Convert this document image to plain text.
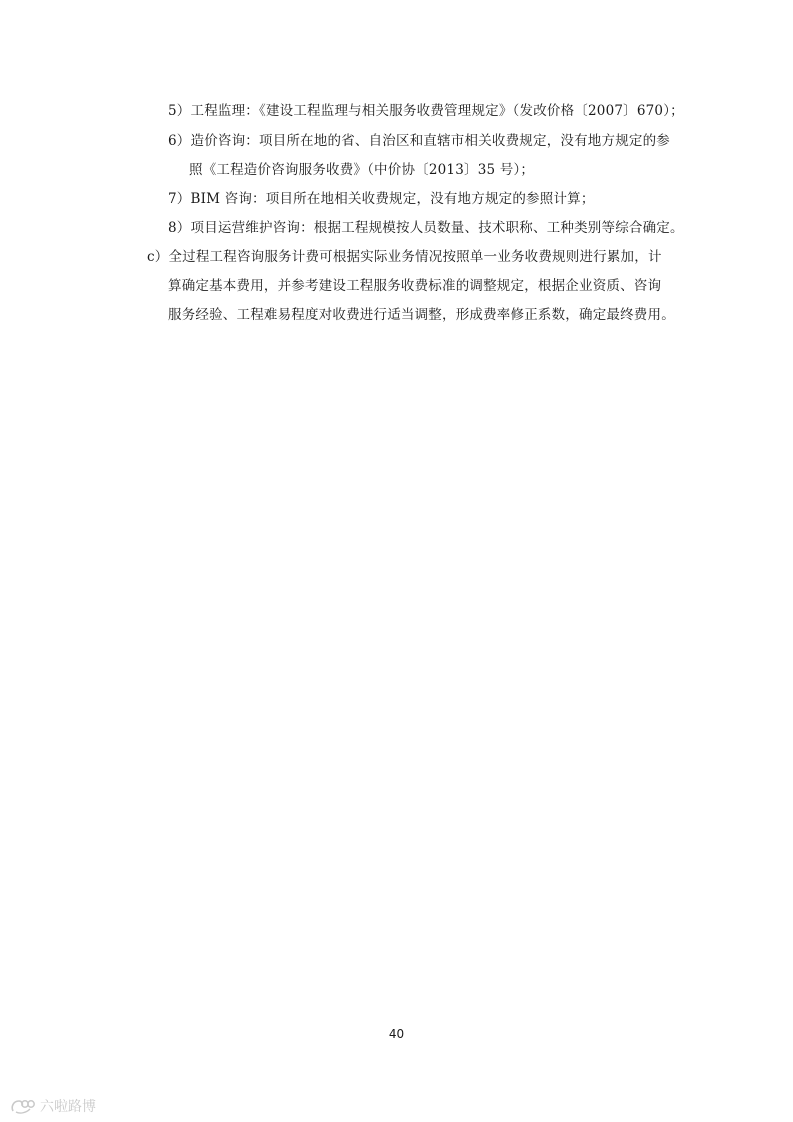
5）工程监理：《建设工程监理与相关服务收费管理规定》（发改价格〔2007〕670）；
6）造价咨询：项目所在地的省、自治区和直辖市相关收费规定，没有地方规定的参
照《工程造价咨询服务收费》（中价协〔2013〕35 号）；
7）BIM 咨询：项目所在地相关收费规定，没有地方规定的参照计算；
8）项目运营维护咨询：根据工程规模按人员数量、技术职称、工种类别等综合确定。
c）全过程工程咨询服务计费可根据实际业务情况按照单一业务收费规则进行累加，计
算确定基本费用，并参考建设工程服务收费标准的调整规定，根据企业资质、咨询
服务经验、工程难易程度对收费进行适当调整，形成费率修正系数，确定最终费用。
40
六啦路博
